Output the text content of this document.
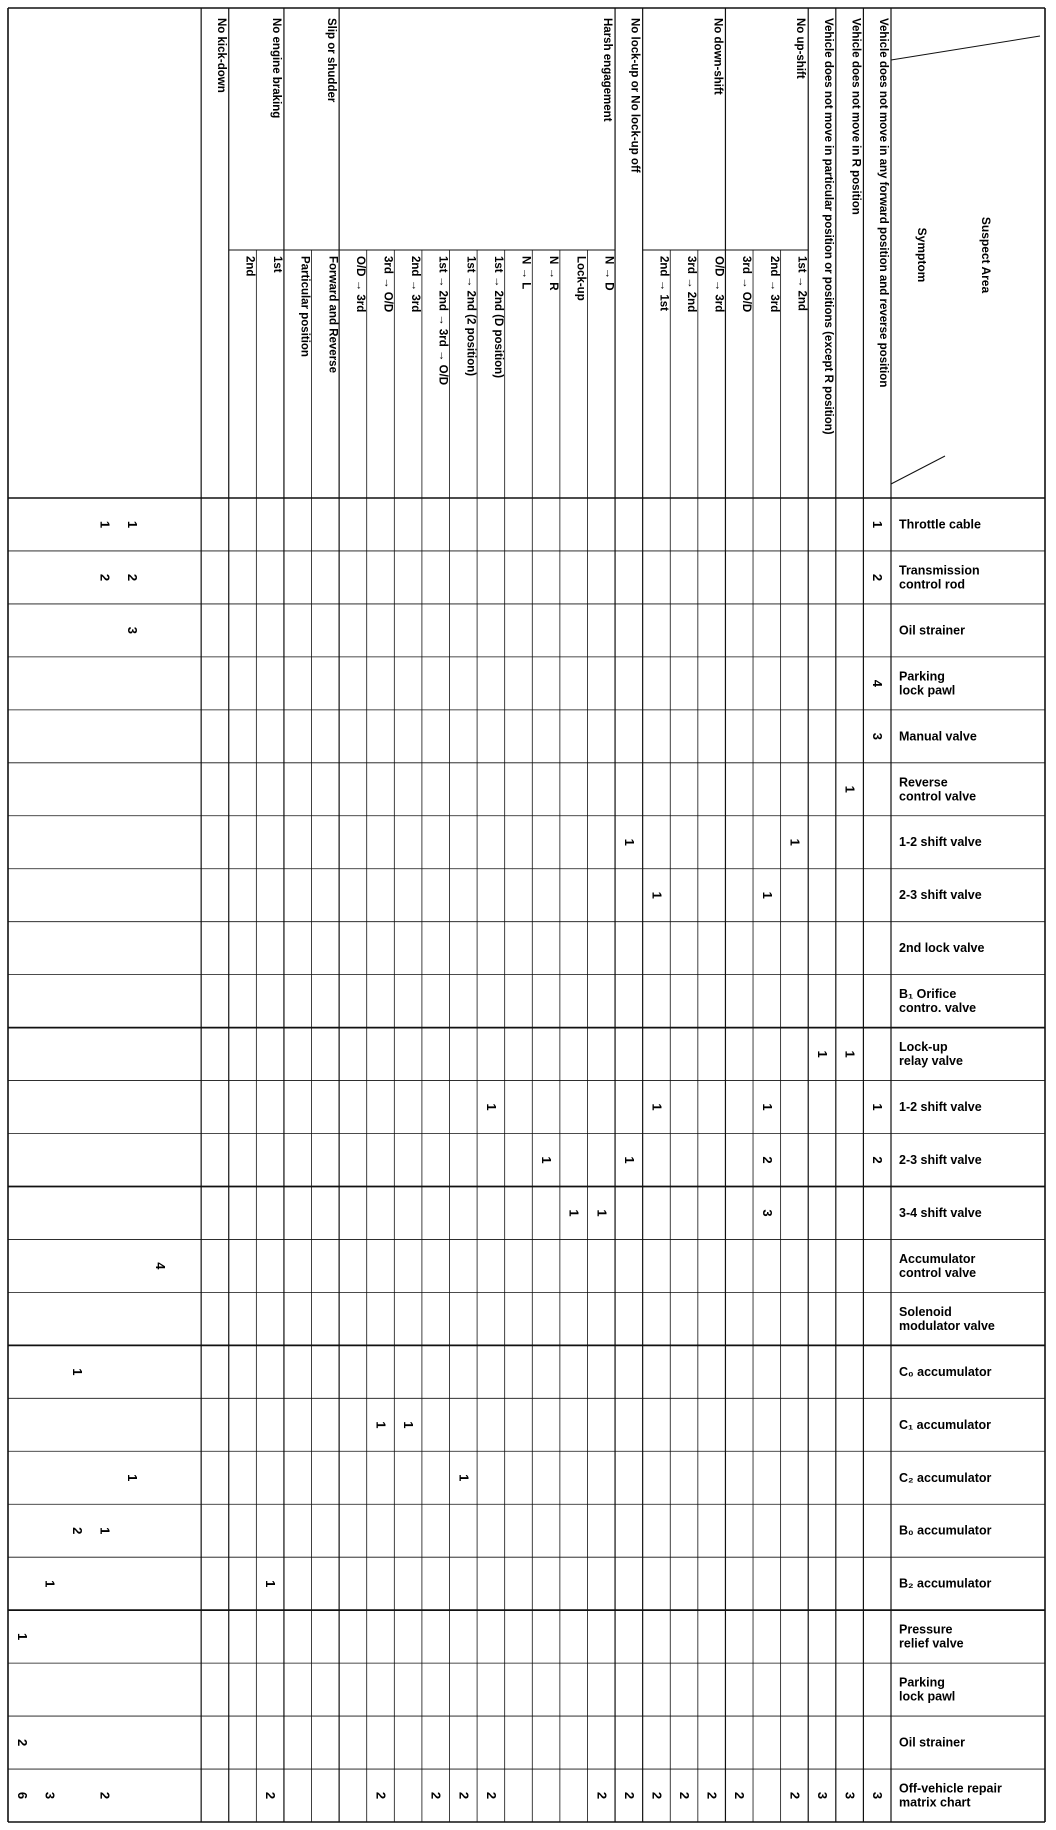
Symptom	Suspect Area
Vehicle does not move in any forward position and reverse position
Vehicle does not move in R position
Vehicle does not move in particular position or positions (except R position)
No up-shift
1st → 2nd
2nd → 3rd
3rd → O/D
No down-shift
O/D → 3rd
3rd → 2nd
2nd → 1st
No lock-up or No lock-up off
Harsh engagement
N → D
Lock-up
N → R
N → L
1st → 2nd (D position)
1st → 2nd (2 position)
1st → 2nd → 3rd → O/D
2nd → 3rd
3rd → O/D
O/D → 3rd
Slip or shudder
Forward and Reverse
Particular position
No engine braking
1st
2nd
No kick-down
Throttle cable
Transmission
control rod
Oil strainer
Parking
lock pawl
Manual valve
Reverse
control valve
1-2 shift valve
2-3 shift valve
2nd lock valve
B₁ Orifice
contro. valve
Lock-up
relay valve
1-2 shift valve
2-3 shift valve
3-4 shift valve
Accumulator
control valve
Solenoid
modulator valve
C₀ accumulator
C₁ accumulator
C₂ accumulator
B₀ accumulator
B₂ accumulator
Pressure
relief valve
Parking
lock pawl
Oil strainer
Off-vehicle repair
matrix chart
1
1
1
2
2
2
3
4
3
1
1
1
1
1
1
1
1
1
1
1
2
2
1
1
3
1
1
4
1
1
1
1
1
1
2
1
1
1
2
3
3
3
2
2
2
2
2
2
2
2
2
2
2
2
2
3
6
